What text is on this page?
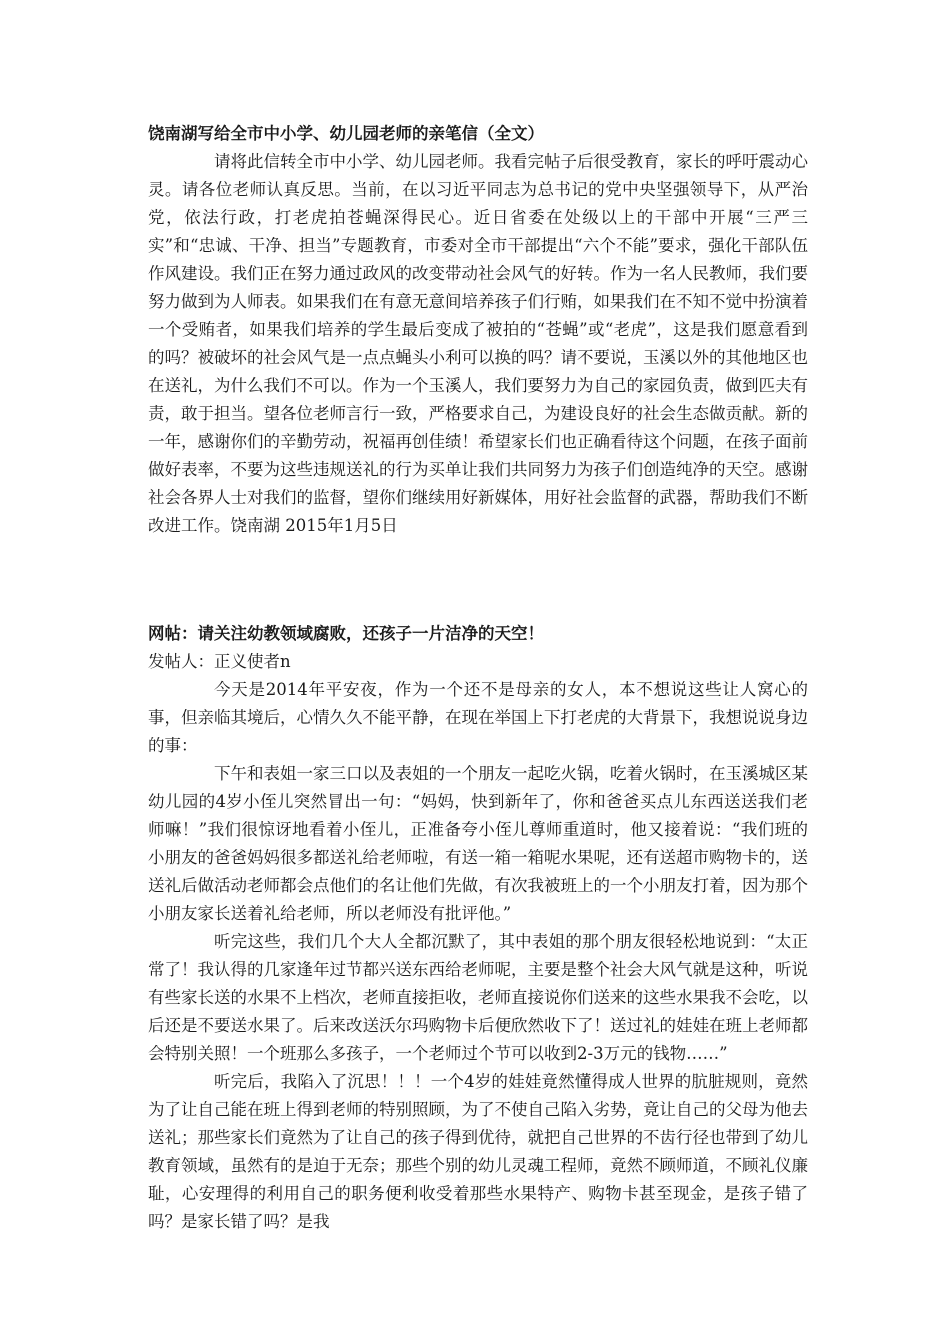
饶南湖写给全市中小学、幼儿园老师的亲笔信（全文）

请将此信转全市中小学、幼儿园老师。我看完帖子后很受教育，家长的呼吁震动心灵。请各位老师认真反思。当前，在以习近平同志为总书记的党中央坚强领导下，从严治党，依法行政，打老虎拍苍蝇深得民心。近日省委在处级以上的干部中开展“三严三实”和“忠诚、干净、担当”专题教育，市委对全市干部提出“六个不能”要求，强化干部队伍作风建设。我们正在努力通过政风的改变带动社会风气的好转。作为一名人民教师，我们要努力做到为人师表。如果我们在有意无意间培养孩子们行贿，如果我们在不知不觉中扮演着一个受贿者，如果我们培养的学生最后变成了被拍的“苍蝇”或“老虎”，这是我们愿意看到的吗？被破坏的社会风气是一点点蝇头小利可以换的吗？请不要说，玉溪以外的其他地区也在送礼，为什么我们不可以。作为一个玉溪人，我们要努力为自己的家园负责，做到匹夫有责，敢于担当。望各位老师言行一致，严格要求自己，为建设良好的社会生态做贡献。新的一年，感谢你们的辛勤劳动，祝福再创佳绩！希望家长们也正确看待这个问题，在孩子面前做好表率，不要为这些违规送礼的行为买单让我们共同努力为孩子们创造纯净的天空。感谢社会各界人士对我们的监督，望你们继续用好新媒体，用好社会监督的武器，帮助我们不断改进工作。饶南湖 2015年1月5日

网帖：请关注幼教领域腐败，还孩子一片洁净的天空！

发帖人：正义使者n

今天是2014年平安夜，作为一个还不是母亲的女人，本不想说这些让人窝心的事，但亲临其境后，心情久久不能平静，在现在举国上下打老虎的大背景下，我想说说身边的事：

下午和表姐一家三口以及表姐的一个朋友一起吃火锅，吃着火锅时，在玉溪城区某幼儿园的4岁小侄儿突然冒出一句：“妈妈，快到新年了，你和爸爸买点儿东西送送我们老师嘛！”我们很惊讶地看着小侄儿，正准备夸小侄儿尊师重道时，他又接着说：“我们班的小朋友的爸爸妈妈很多都送礼给老师啦，有送一箱一箱呢水果呢，还有送超市购物卡的，送送礼后做活动老师都会点他们的名让他们先做，有次我被班上的一个小朋友打着，因为那个小朋友家长送着礼给老师，所以老师没有批评他。”

听完这些，我们几个大人全都沉默了，其中表姐的那个朋友很轻松地说到：“太正常了！我认得的几家逢年过节都兴送东西给老师呢，主要是整个社会大风气就是这种，听说有些家长送的水果不上档次，老师直接拒收，老师直接说你们送来的这些水果我不会吃，以后还是不要送水果了。后来改送沃尔玛购物卡后便欣然收下了！送过礼的娃娃在班上老师都会特别关照！一个班那么多孩子，一个老师过个节可以收到2-3万元的钱物……”

听完后，我陷入了沉思！！！一个4岁的娃娃竟然懂得成人世界的肮脏规则，竟然为了让自己能在班上得到老师的特别照顾，为了不使自己陷入劣势，竟让自己的父母为他去送礼；那些家长们竟然为了让自己的孩子得到优待，就把自己世界的不齿行径也带到了幼儿教育领域，虽然有的是迫于无奈；那些个别的幼儿灵魂工程师，竟然不顾师道，不顾礼仪廉耻，心安理得的利用自己的职务便利收受着那些水果特产、购物卡甚至现金，是孩子错了吗？是家长错了吗？是我
